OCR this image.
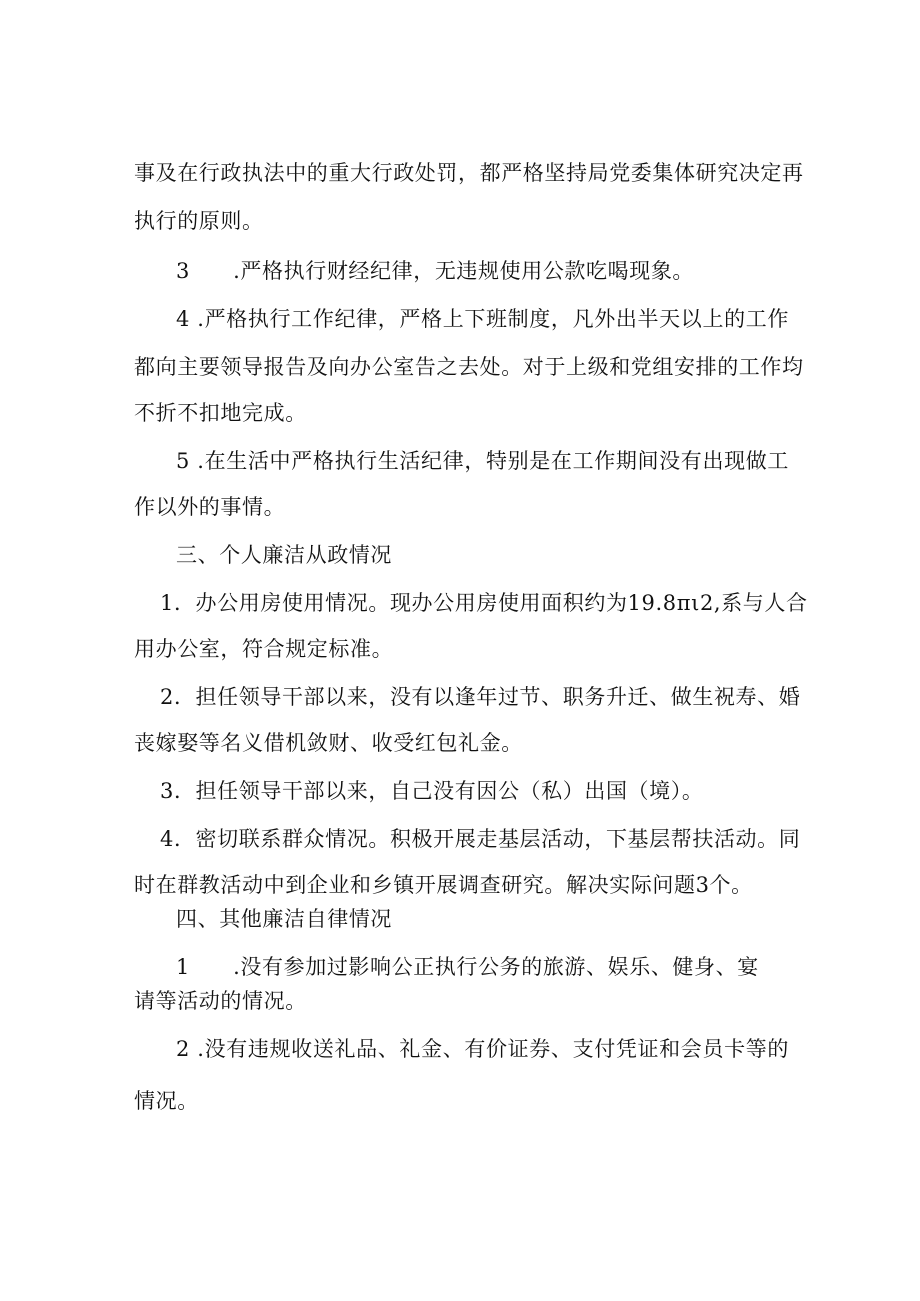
事及在行政执法中的重大行政处罚，都严格坚持局党委集体研究决定再
执行的原则。
3　　.严格执行财经纪律，无违规使用公款吃喝现象。
4 .严格执行工作纪律，严格上下班制度，凡外出半天以上的工作
都向主要领导报告及向办公室告之去处。对于上级和党组安排的工作均
不折不扣地完成。
5 .在生活中严格执行生活纪律，特别是在工作期间没有出现做工
作以外的事情。
三、个人廉洁从政情况
1．办公用房使用情况。现办公用房使用面积约为19.8πι2,系与人合
用办公室，符合规定标准。
2．担任领导干部以来，没有以逢年过节、职务升迁、做生祝寿、婚
丧嫁娶等名义借机敛财、收受红包礼金。
3．担任领导干部以来，自己没有因公（私）出国（境）。
4．密切联系群众情况。积极开展走基层活动，下基层帮扶活动。同
时在群教活动中到企业和乡镇开展调查研究。解决实际问题3个。
四、其他廉洁自律情况
1　　.没有参加过影响公正执行公务的旅游、娱乐、健身、宴
请等活动的情况。
2 .没有违规收送礼品、礼金、有价证券、支付凭证和会员卡等的
情况。
